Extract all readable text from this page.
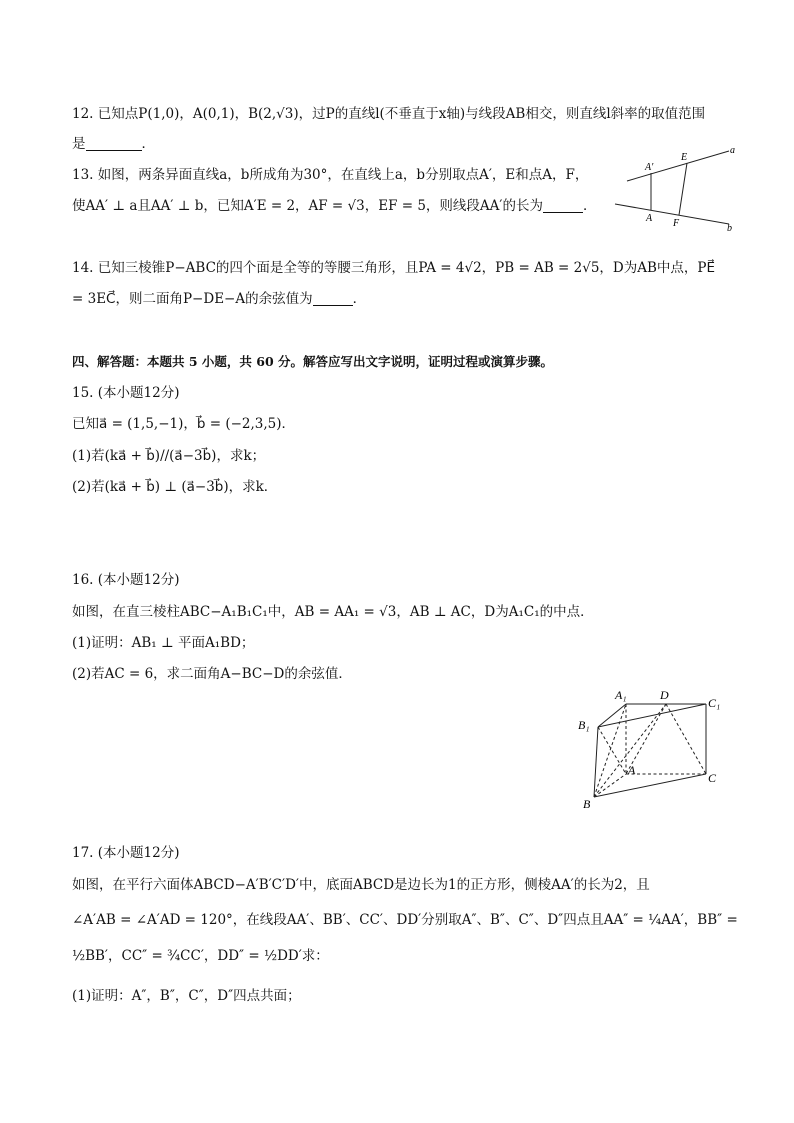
12. 已知点P(1,0)，A(0,1)，B(2,√3)，过P的直线l(不垂直于x轴)与线段AB相交，则直线l斜率的取值范围
是	．
13. 如图，两条异面直线a，b所成角为30°，在直线上a，b分别取点A′，E和点A，F，
使AA′ ⊥ a且AA′ ⊥ b，已知A′E = 2，AF = √3，EF = 5，则线段AA′的长为	．
A′
E
a
A F	b
14. 已知三棱锥P−ABC的四个面是全等的等腰三角形，且PA = 4√2，PB = AB = 2√5，D为AB中点，PE⃗
= 3EC⃗，则二面角P−DE−A的余弦值为	．
四、解答题：本题共 5 小题，共 60 分。解答应写出文字说明，证明过程或演算步骤。
15. (本小题12分)
已知a⃗ = (1,5,−1)，b⃗ = (−2,3,5)．
(1)若(ka⃗ + b⃗)//(a⃗−3b⃗)，求k；
(2)若(ka⃗ + b⃗) ⊥ (a⃗−3b⃗)，求k．
16. (本小题12分)
如图，在直三棱柱ABC−A₁B₁C₁中，AB = AA₁ = √3，AB ⊥ AC，D为A₁C₁的中点．
(1)证明：AB₁ ⊥ 平面A₁BD；
(2)若AC = 6，求二面角A−BC−D的余弦值．
A₁	D
C₁
B₁
A
C
B
17. (本小题12分)
如图，在平行六面体ABCD−A′B′C′D′中，底面ABCD是边长为1的正方形，侧棱AA′的长为2，且
∠A′AB = ∠A′AD = 120°，在线段AA′、BB′、CC′、DD′分别取A″、B″、C″、D″四点且AA″ = ¼AA′，BB″ =
½BB′，CC″ = ¾CC′，DD″ = ½DD′求：
(1)证明：A″，B″，C″，D″四点共面；
